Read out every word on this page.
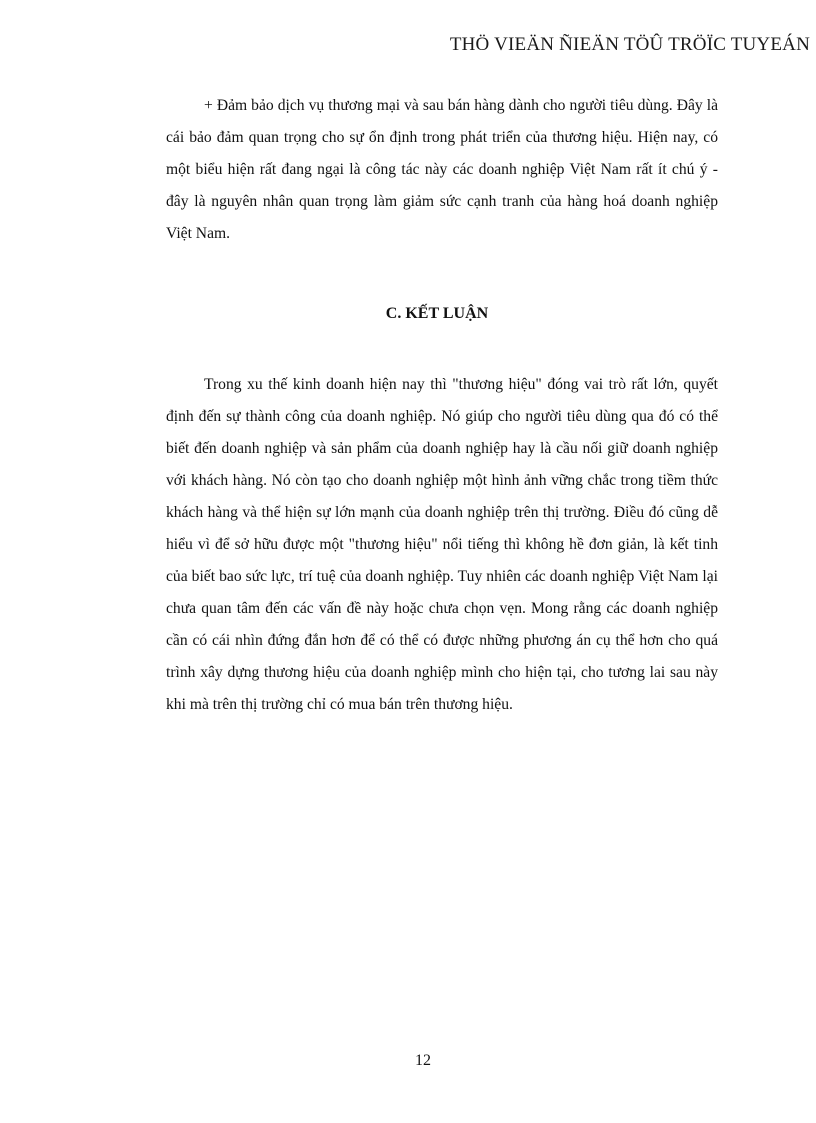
THÖ VIEÄN ÑIEÄN TÖÛ TRÖÏC TUYEÁN

+ Đảm bảo dịch vụ thương mại và sau bán hàng dành cho người tiêu dùng. Đây là cái bảo đảm quan trọng cho sự ổn định trong phát triển của thương hiệu. Hiện nay, có một biểu hiện rất đang ngại là công tác này các doanh nghiệp Việt Nam rất ít chú ý - đây là nguyên nhân quan trọng làm giảm sức cạnh tranh của hàng hoá doanh nghiệp Việt Nam.

C. KẾT LUẬN

Trong xu thế kinh doanh hiện nay thì "thương hiệu" đóng vai trò rất lớn, quyết định đến sự thành công của doanh nghiệp. Nó giúp cho người tiêu dùng qua đó có thể biết đến doanh nghiệp và sản phẩm của doanh nghiệp hay là cầu nối giữ doanh nghiệp với khách hàng. Nó còn tạo cho doanh nghiệp một hình ảnh vững chắc trong tiềm thức khách hàng và thể hiện sự lớn mạnh của doanh nghiệp trên thị trường. Điều đó cũng dễ hiểu vì để sở hữu được một "thương hiệu" nổi tiếng thì không hề đơn giản, là kết tinh của biết bao sức lực, trí tuệ của doanh nghiệp. Tuy nhiên các doanh nghiệp Việt Nam lại chưa quan tâm đến các vấn đề này hoặc chưa chọn vẹn. Mong rằng các doanh nghiệp cần có cái nhìn đứng đắn hơn để có thể có được những phương án cụ thể hơn cho quá trình xây dựng thương hiệu của doanh nghiệp mình cho hiện tại, cho tương lai sau này khi mà trên thị trường chỉ có mua bán trên thương hiệu.

12
